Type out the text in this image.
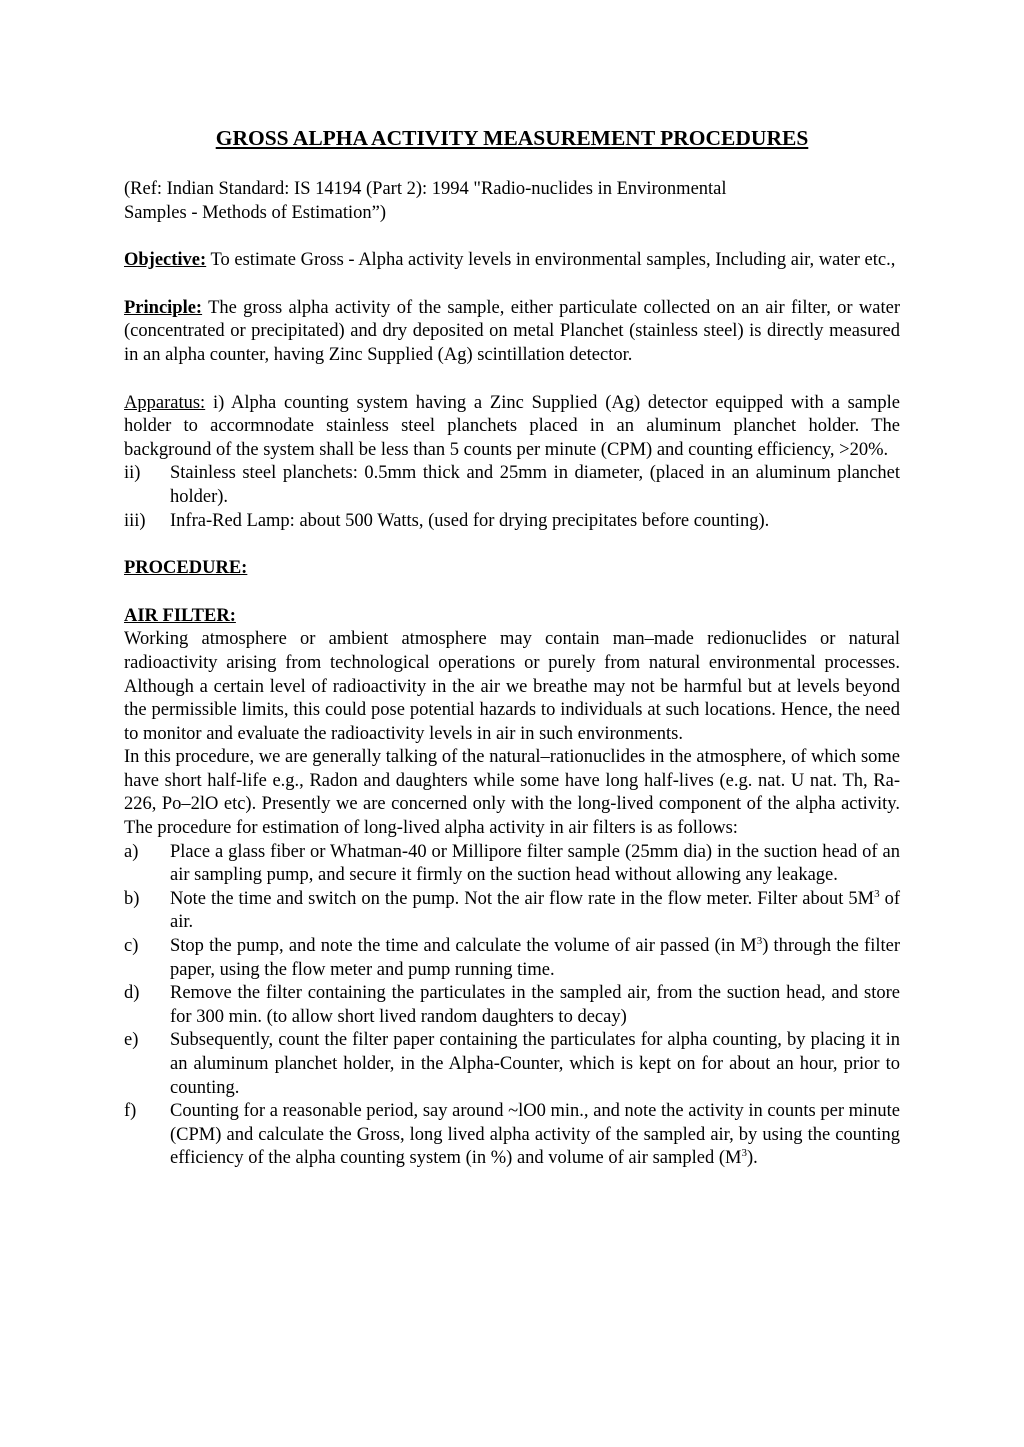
GROSS ALPHA ACTIVITY MEASUREMENT PROCEDURES

(Ref: Indian Standard: IS 14194 (Part 2): 1994 "Radio-nuclides in Environmental

Samples - Methods of Estimation”)

Objective: To estimate Gross - Alpha activity levels in environmental samples, Including air, water etc.,

Principle: The gross alpha activity of the sample, either particulate collected on an air filter, or water (concentrated or precipitated) and dry deposited on metal Planchet (stainless steel) is directly measured in an alpha counter, having Zinc Supplied (Ag) scintillation detector.

Apparatus: i) Alpha counting system having a Zinc Supplied (Ag) detector equipped with a sample holder to accormnodate stainless steel planchets placed in an aluminum planchet holder. The background of the system shall be less than 5 counts per minute (CPM) and counting efficiency, >20%.

ii)	Stainless steel planchets: 0.5mm thick and 25mm in diameter, (placed in an aluminum planchet holder).
iii)	Infra-Red Lamp: about 500 Watts, (used for drying precipitates before counting).

PROCEDURE:

AIR FILTER:

Working atmosphere or ambient atmosphere may contain man–made redionuclides or natural radioactivity arising from technological operations or purely from natural environmental processes. Although a certain level of radioactivity in the air we breathe may not be harmful but at levels beyond the permissible limits, this could pose potential hazards to individuals at such locations. Hence, the need to monitor and evaluate the radioactivity levels in air in such environments.

In this procedure, we are generally talking of the natural–rationuclides in the atmosphere, of which some have short half-life e.g., Radon and daughters while some have long half-lives (e.g. nat. U nat. Th, Ra-226, Po–2lO etc). Presently we are concerned only with the long-lived component of the alpha activity. The procedure for estimation of long-lived alpha activity in air filters is as follows:

a)	Place a glass fiber or Whatman-40 or Millipore filter sample (25mm dia) in the suction head of an air sampling pump, and secure it firmly on the suction head without allowing any leakage.
b)	Note the time and switch on the pump. Not the air flow rate in the flow meter. Filter about $5M^3$ of air.
c)	Stop the pump, and note the time and calculate the volume of air passed (in $M^3$) through the filter paper, using the flow meter and pump running time.
d)	Remove the filter containing the particulates in the sampled air, from the suction head, and store for 300 min. (to allow short lived random daughters to decay)
e)	Subsequently, count the filter paper containing the particulates for alpha counting, by placing it in an aluminum planchet holder, in the Alpha-Counter, which is kept on for about an hour, prior to counting.
f)	Counting for a reasonable period, say around ~lO0 min., and note the activity in counts per minute (CPM) and calculate the Gross, long lived alpha activity of the sampled air, by using the counting efficiency of the alpha counting system (in %) and volume of air sampled $(M^3)$.
